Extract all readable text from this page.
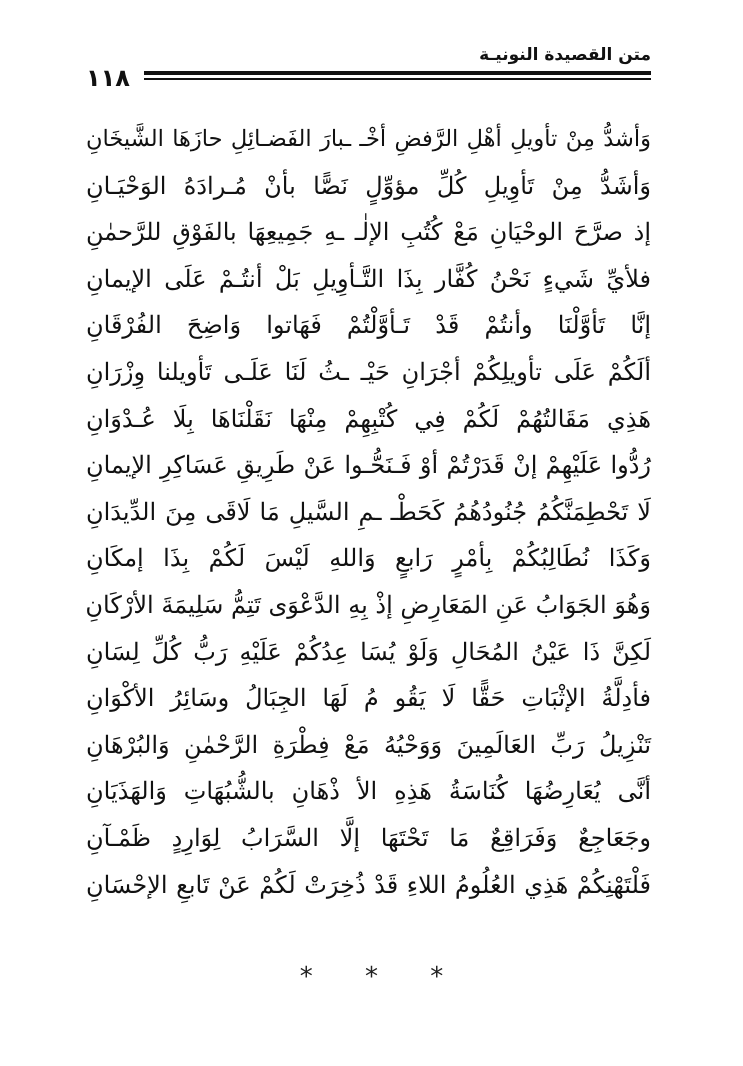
متن القصيدة النونيـة
١١٨
وَأشدُّ مِنْ تأويلِ أهْلِ الرَّفضِ أخْـ ـبارَ الفَضـائِلِ حازَهَا الشَّيخَانِ
وَأشَدُّ مِنْ تَأوِيلِ كُلِّ مؤوِّلٍ نَصًّا بأنْ مُـرادَهُ الوَحْيَـانِ
إذ صرَّحَ الوحْيَانِ مَعْ كُتُبِ الإلٰـ ـهِ جَمِيعِهَا بالفَوْقِ للرَّحمٰنِ
فلأيِّ شَيءٍ نَحْنُ كُفَّار بِذَا التَّـأوِيلِ بَلْ أنتُـمْ عَلَى الإيمانِ
إنَّا تَأوَّلْنَا وأنتُمْ قَدْ تَـأوَّلْتُمْ فَهَاتوا وَاضِحَ الفُرْقَانِ
ألَكُمْ عَلَى تأويلِكُمْ أجْرَانِ حَيْـ ـثُ لَنَا عَلَـى تَأويلنا وِزْرَانِ
هَذِي مَقَالتُهُمْ لَكُمْ فِي كُتْبِهِمْ مِنْهَا نَقَلْنَاهَا بِلَا عُـدْوَانِ
رُدُّوا عَلَيْهِمْ إنْ قَدَرْتُمْ أوْ فَـنَحُّـوا عَنْ طَرِيقِ عَسَاكِرِ الإيمانِ
لَا تَحْطِمَنَّكُمُ جُنُودُهُمُ كَحَطْـ ـمِ السَّيلِ مَا لَاقَى مِنَ الدِّيدَانِ
وَكَذَا نُطَالِبُكُمْ بِأمْرٍ رَابعٍ وَاللهِ لَيْسَ لَكُمْ بِذَا إمكَانِ
وَهُوَ الجَوَابُ عَنِ المَعَارِضِ إذْ بِهِ الدَّعْوَى تَتِمُّ سَلِيمَةَ الأرْكَانِ
لَكِنَّ ذَا عَيْنُ المُحَالِ وَلَوْ يُسَا عِدُكُمْ عَلَيْهِ رَبُّ كُلِّ لِسَانِ
فأدِلَّةُ الإثْبَاتِ حَقًّا لَا يَقُو مُ لَهَا الجِبَالُ وسَائِرُ الأكْوَانِ
تَنْزِيلُ رَبِّ العَالَمِينَ وَوَحْيُهُ مَعْ فِطْرَةِ الرَّحْمٰنِ وَالبُرْهَانِ
أنَّى يُعَارِضُهَا كُنَاسَةُ هَذِهِ الأ ذْهَانِ بالشُّبُهَاتِ وَالهَذَيَانِ
وجَعَاجِعٌ وَفَرَاقِعٌ مَا تَحْتَهَا إلَّا السَّرَابُ لِوَارِدٍ ظَمْـآنِ
فَلْتَهْنِكُمْ هَذِي العُلُومُ اللاءِ قَدْ ذُخِرَتْ لَكُمْ عَنْ تَابعِ الإحْسَانِ
* * *
